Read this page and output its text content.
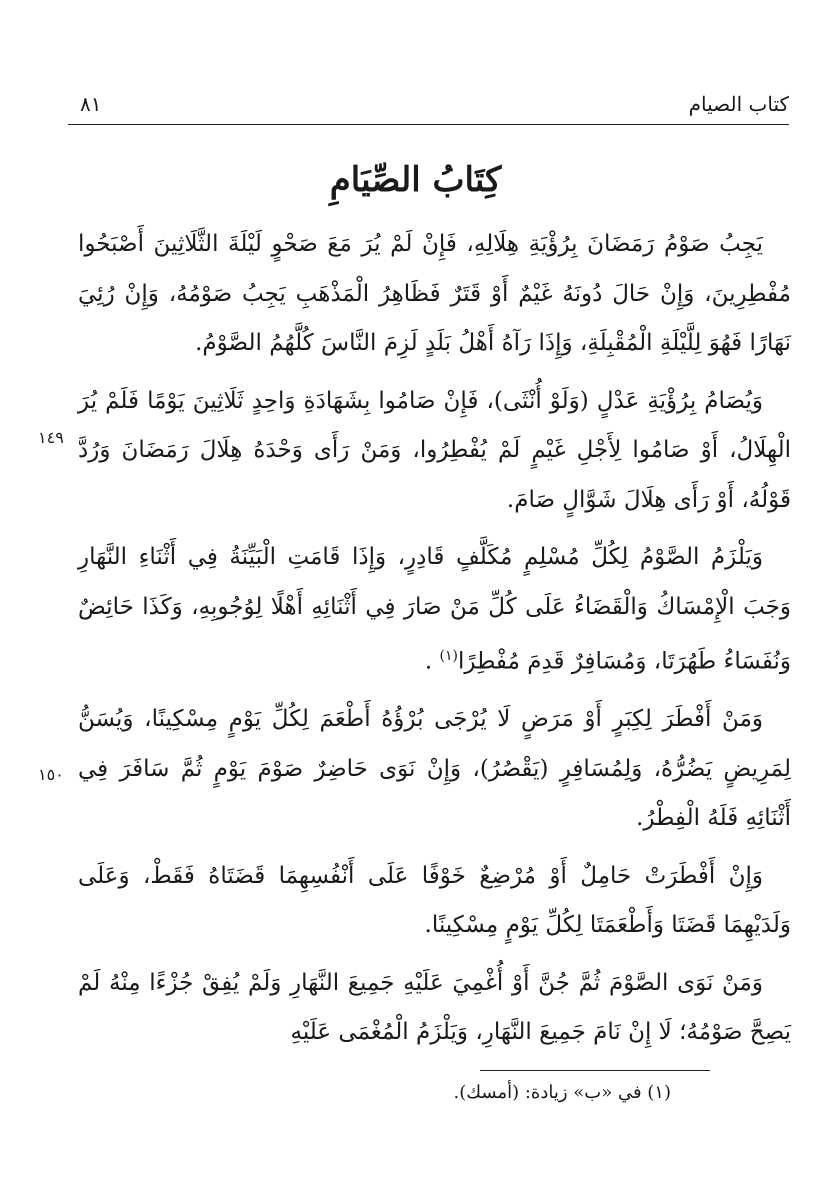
٨١	كتاب الصيام
كِتَابُ الصِّيَامِ
١٤٩
١٥٠

يَجِبُ صَوْمُ رَمَضَانَ بِرُؤْيَةِ هِلَالِهِ، فَإِنْ لَمْ يُرَ مَعَ صَحْوٍ لَيْلَةَ الثَّلَاثِينَ أَصْبَحُوا مُفْطِرِينَ، وَإِنْ حَالَ دُونَهُ غَيْمٌ أَوْ قَتَرٌ فَظَاهِرُ الْمَذْهَبِ يَجِبُ صَوْمُهُ، وَإِنْ رُئِيَ نَهَارًا فَهُوَ لِلَّيْلَةِ الْمُقْبِلَةِ، وَإِذَا رَآهُ أَهْلُ بَلَدٍ لَزِمَ النَّاسَ كُلَّهُمُ الصَّوْمُ.

وَيُصَامُ بِرُؤْيَةِ عَدْلٍ (وَلَوْ أُنْثَى)، فَإِنْ صَامُوا بِشَهَادَةِ وَاحِدٍ ثَلَاثِينَ يَوْمًا فَلَمْ يُرَ الْهِلَالُ، أَوْ صَامُوا لِأَجْلِ غَيْمٍ لَمْ يُفْطِرُوا، وَمَنْ رَأَى وَحْدَهُ هِلَالَ رَمَضَانَ وَرُدَّ قَوْلُهُ، أَوْ رَأَى هِلَالَ شَوَّالٍ صَامَ.

وَيَلْزَمُ الصَّوْمُ لِكُلِّ مُسْلِمٍ مُكَلَّفٍ قَادِرٍ، وَإِذَا قَامَتِ الْبَيِّنَةُ فِي أَثْنَاءِ النَّهَارِ وَجَبَ الْإِمْسَاكُ وَالْقَضَاءُ عَلَى كُلِّ مَنْ صَارَ فِي أَثْنَائِهِ أَهْلًا لِوُجُوبِهِ، وَكَذَا حَائِضٌ وَنُفَسَاءُ طَهُرَتَا، وَمُسَافِرٌ قَدِمَ مُفْطِرًا$^{(١)}$ .

وَمَنْ أَفْطَرَ لِكِبَرٍ أَوْ مَرَضٍ لَا يُرْجَى بُرْؤُهُ أَطْعَمَ لِكُلِّ يَوْمٍ مِسْكِينًا، وَيُسَنُّ لِمَرِيضٍ يَضُرُّهُ، وَلِمُسَافِرٍ (يَقْصُرُ)، وَإِنْ نَوَى حَاضِرٌ صَوْمَ يَوْمٍ ثُمَّ سَافَرَ فِي أَثْنَائِهِ فَلَهُ الْفِطْرُ.

وَإِنْ أَفْطَرَتْ حَامِلٌ أَوْ مُرْضِعٌ خَوْفًا عَلَى أَنْفُسِهِمَا قَضَتَاهُ فَقَطْ، وَعَلَى وَلَدَيْهِمَا قَضَتَا وَأَطْعَمَتَا لِكُلِّ يَوْمٍ مِسْكِينًا.

وَمَنْ نَوَى الصَّوْمَ ثُمَّ جُنَّ أَوْ أُغْمِيَ عَلَيْهِ جَمِيعَ النَّهَارِ وَلَمْ يُفِقْ جُزْءًا مِنْهُ لَمْ يَصِحَّ صَوْمُهُ؛ لَا إِنْ نَامَ جَمِيعَ النَّهَارِ، وَيَلْزَمُ الْمُغْمَى عَلَيْهِ

(١) في «ب» زيادة: (أمسك).
